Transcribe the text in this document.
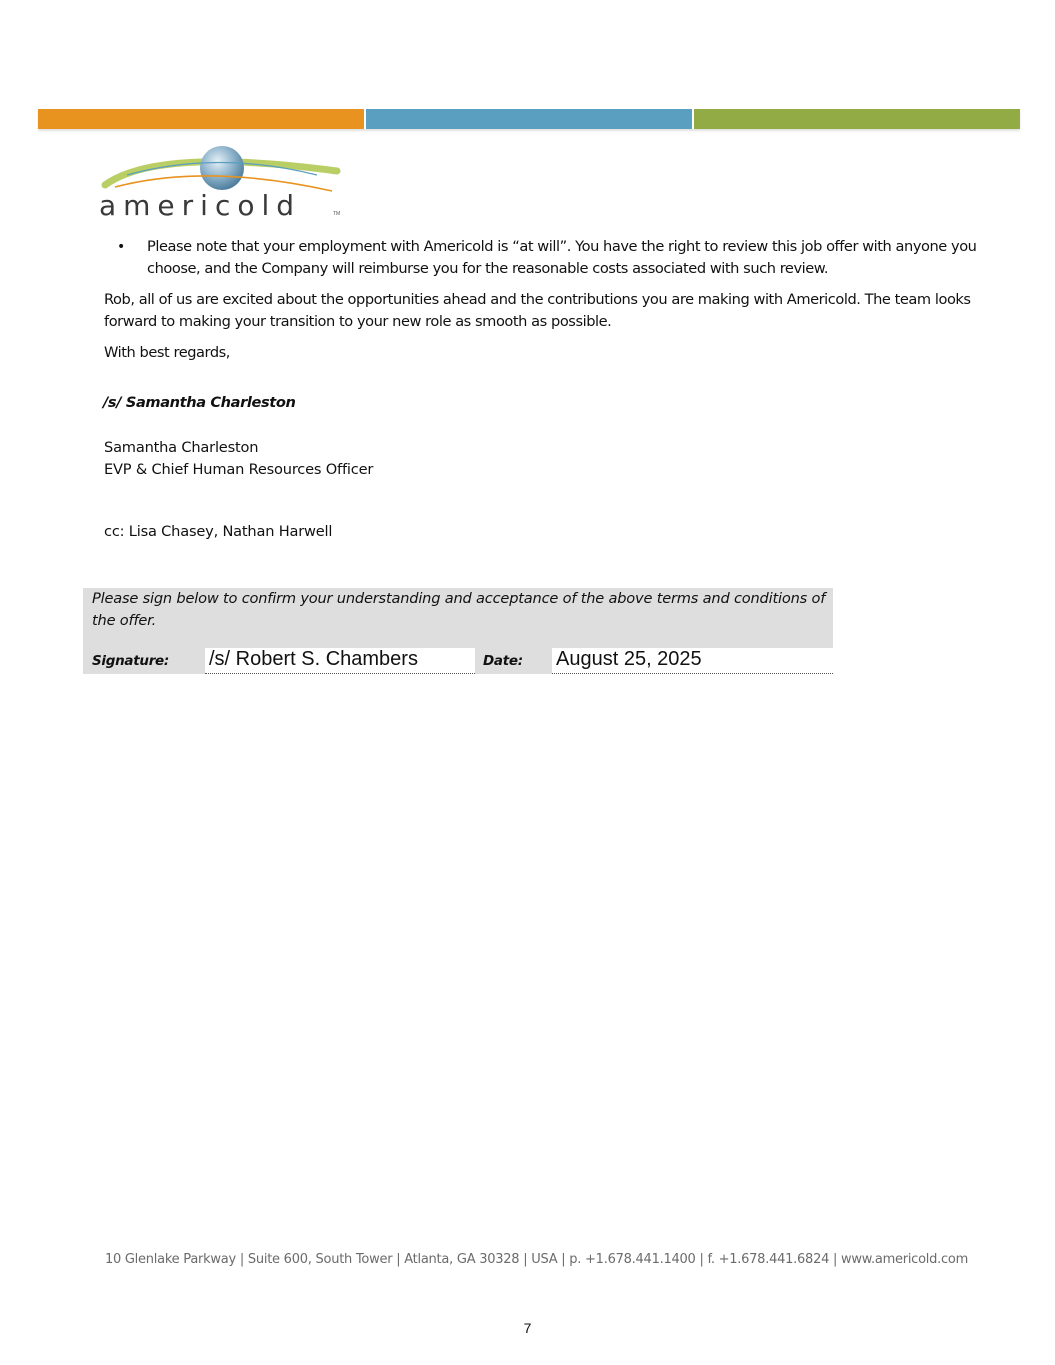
americold	TM
• Please note that your employment with Americold is “at will”. You have the right to review this job offer with anyone you choose, and the Company will reimburse you for the reasonable costs associated with such review.
Rob, all of us are excited about the opportunities ahead and the contributions you are making with Americold. The team looks forward to making your transition to your new role as smooth as possible.
With best regards,
/s/ Samantha Charleston
Samantha Charleston
EVP & Chief Human Resources Officer
cc: Lisa Chasey, Nathan Harwell
Please sign below to confirm your understanding and acceptance of the above terms and conditions of the offer.
Signature: /s/ Robert S. Chambers	Date: August 25, 2025
10 Glenlake Parkway | Suite 600, South Tower | Atlanta, GA 30328 | USA | p. +1.678.441.1400 | f. +1.678.441.6824 | www.americold.com
7
